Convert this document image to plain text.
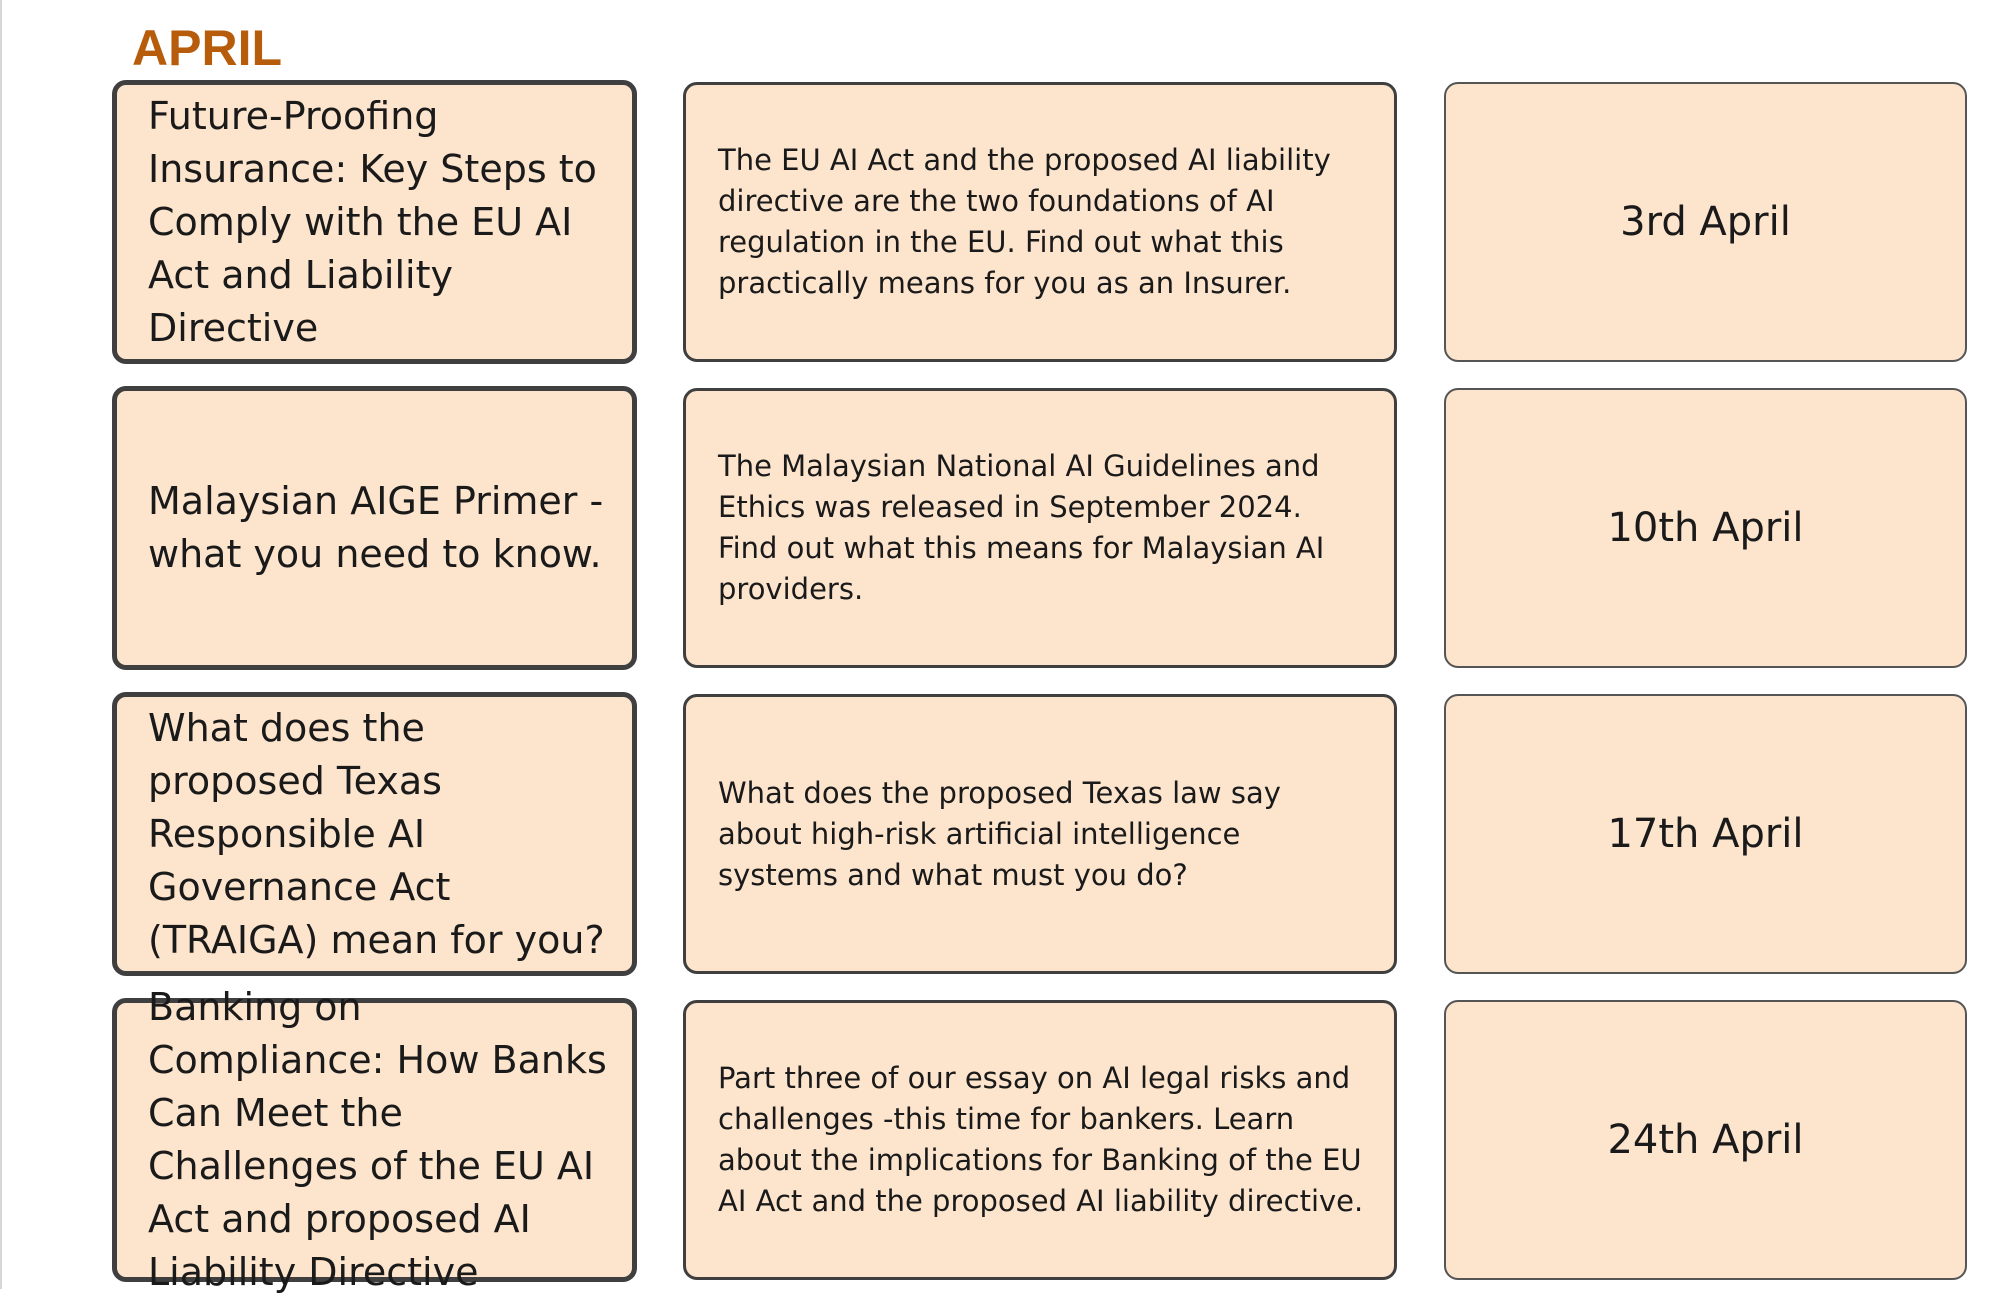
APRIL
Future-Proofing Insurance: Key Steps to Comply with the EU AI Act and Liability Directive
The EU AI Act and the proposed AI liability directive are the two foundations of AI regulation in the EU. Find out what this practically means for you as an Insurer.
3rd April
Malaysian AIGE Primer - what you need to know.
The Malaysian National AI Guidelines and Ethics was released in September 2024. Find out what this means for Malaysian AI providers.
10th April
What does the proposed Texas Responsible AI Governance Act (TRAIGA) mean for you?
What does the proposed Texas law say about high-risk artificial intelligence systems and what must you do?
17th April
Banking on Compliance: How Banks Can Meet the Challenges of the EU AI Act and proposed AI Liability Directive
Part three of our essay on AI legal risks and challenges -this time for bankers. Learn about the implications for Banking of the EU AI Act and the proposed AI liability directive.
24th April
